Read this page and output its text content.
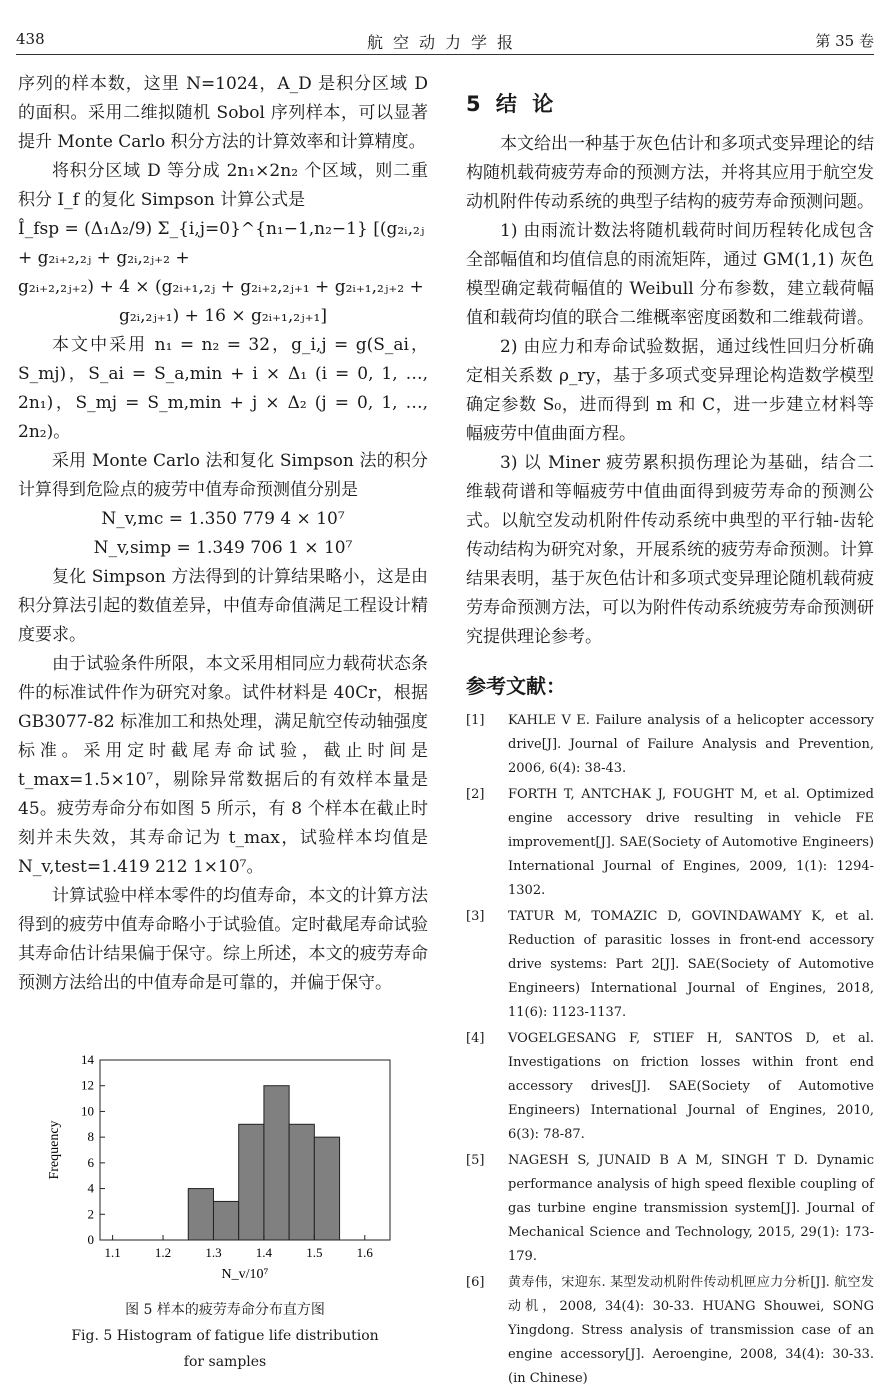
438	航空动力学报	第 35 卷

序列的样本数，这里 N=1024，A_D 是积分区域 D 的面积。采用二维拟随机 Sobol 序列样本，可以显著提升 Monte Carlo 积分方法的计算效率和计算精度。

将积分区域 D 等分成 2n₁×2n₂ 个区域，则二重积分 I_f 的复化 Simpson 计算公式是

Î_fsp = (Δ₁Δ₂/9) Σ_{i,j=0}^{n₁−1,n₂−1} [(g₂ᵢ,₂ⱼ + g₂ᵢ₊₂,₂ⱼ + g₂ᵢ,₂ⱼ₊₂ +
g₂ᵢ₊₂,₂ⱼ₊₂) + 4 × (g₂ᵢ₊₁,₂ⱼ + g₂ᵢ₊₂,₂ⱼ₊₁ + g₂ᵢ₊₁,₂ⱼ₊₂ +
g₂ᵢ,₂ⱼ₊₁) + 16 × g₂ᵢ₊₁,₂ⱼ₊₁]

本文中采用 n₁ = n₂ = 32，g_i,j = g(S_ai，S_mj)，S_ai = S_a,min + i × Δ₁ (i = 0, 1, …, 2n₁)，S_mj = S_m,min + j × Δ₂ (j = 0, 1, …, 2n₂)。

采用 Monte Carlo 法和复化 Simpson 法的积分计算得到危险点的疲劳中值寿命预测值分别是

N_v,mc = 1.350 779 4 × 10⁷
N_v,simp = 1.349 706 1 × 10⁷

复化 Simpson 方法得到的计算结果略小，这是由积分算法引起的数值差异，中值寿命值满足工程设计精度要求。

由于试验条件所限，本文采用相同应力载荷状态条件的标准试件作为研究对象。试件材料是 40Cr，根据 GB3077-82 标准加工和热处理，满足航空传动轴强度标准。采用定时截尾寿命试验，截止时间是 t_max=1.5×10⁷，剔除异常数据后的有效样本量是 45。疲劳寿命分布如图 5 所示，有 8 个样本在截止时刻并未失效，其寿命记为 t_max，试验样本均值是 N_v,test=1.419 212 1×10⁷。

计算试验中样本零件的均值寿命，本文的计算方法得到的疲劳中值寿命略小于试验值。定时截尾寿命试验其寿命估计结果偏于保守。综上所述，本文的疲劳寿命预测方法给出的中值寿命是可靠的，并偏于保守。

0
2
4
6
8
10
12
14
1.1	1.2	1.3	1.4	1.5	1.6
Frequency
N_v/10⁷
图 5 样本的疲劳寿命分布直方图
Fig. 5 Histogram of fatigue life distribution
for samples
5 结 论

本文给出一种基于灰色估计和多项式变异理论的结构随机载荷疲劳寿命的预测方法，并将其应用于航空发动机附件传动系统的典型子结构的疲劳寿命预测问题。

1) 由雨流计数法将随机载荷时间历程转化成包含全部幅值和均值信息的雨流矩阵，通过 GM(1,1) 灰色模型确定载荷幅值的 Weibull 分布参数，建立载荷幅值和载荷均值的联合二维概率密度函数和二维载荷谱。

2) 由应力和寿命试验数据，通过线性回归分析确定相关系数 ρ_ry，基于多项式变异理论构造数学模型确定参数 S₀，进而得到 m 和 C，进一步建立材料等幅疲劳中值曲面方程。

3) 以 Miner 疲劳累积损伤理论为基础，结合二维载荷谱和等幅疲劳中值曲面得到疲劳寿命的预测公式。以航空发动机附件传动系统中典型的平行轴-齿轮传动结构为研究对象，开展系统的疲劳寿命预测。计算结果表明，基于灰色估计和多项式变异理论随机载荷疲劳寿命预测方法，可以为附件传动系统疲劳寿命预测研究提供理论参考。

参考文献：
[1] KAHLE V E. Failure analysis of a helicopter accessory drive[J]. Journal of Failure Analysis and Prevention, 2006, 6(4): 38-43.
[2] FORTH T, ANTCHAK J, FOUGHT M, et al. Optimized engine accessory drive resulting in vehicle FE improvement[J]. SAE(Society of Automotive Engineers) International Journal of Engines, 2009, 1(1): 1294-1302.
[3] TATUR M, TOMAZIC D, GOVINDAWAMY K, et al. Reduction of parasitic losses in front-end accessory drive systems: Part 2[J]. SAE(Society of Automotive Engineers) International Journal of Engines, 2018, 11(6): 1123-1137.
[4] VOGELGESANG F, STIEF H, SANTOS D, et al. Investigations on friction losses within front end accessory drives[J]. SAE(Society of Automotive Engineers) International Journal of Engines, 2010, 6(3): 78-87.
[5] NAGESH S, JUNAID B A M, SINGH T D. Dynamic performance analysis of high speed flexible coupling of gas turbine engine transmission system[J]. Journal of Mechanical Science and Technology, 2015, 29(1): 173-179.
[6] 黄寿伟，宋迎东. 某型发动机附件传动机匣应力分析[J]. 航空发动机，2008, 34(4): 30-33. HUANG Shouwei, SONG Yingdong. Stress analysis of transmission case of an engine accessory[J]. Aeroengine, 2008, 34(4): 30-33. (in Chinese)
